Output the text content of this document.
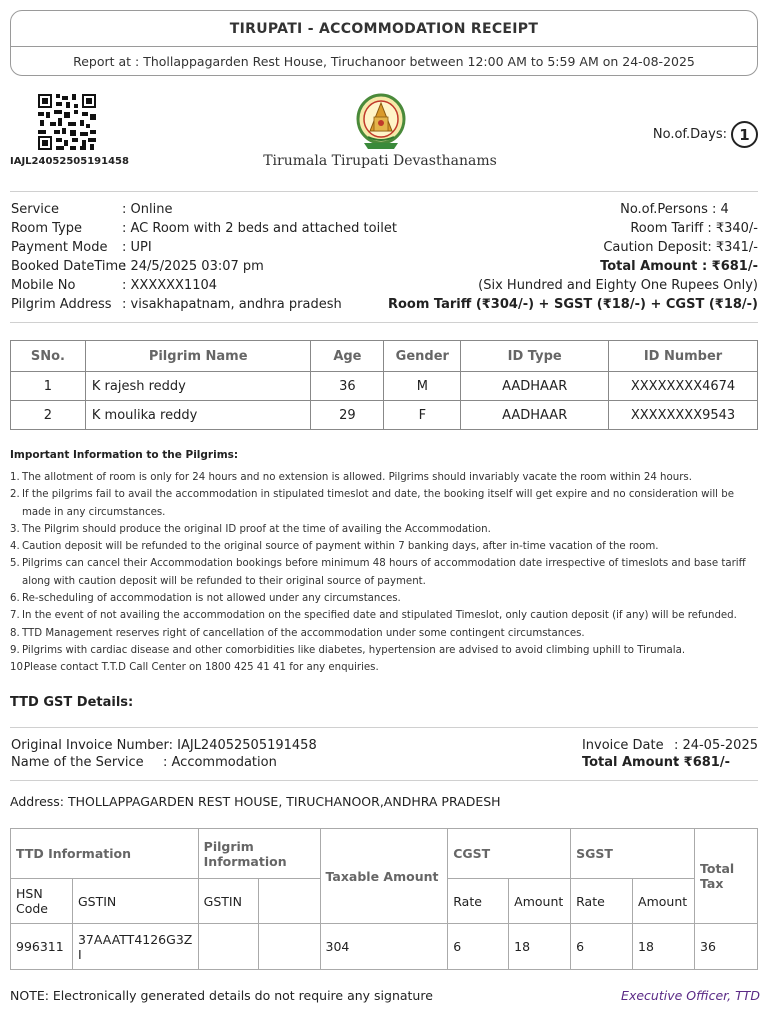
TIRUPATI - ACCOMMODATION RECEIPT
Report at : Thollappagarden Rest House, Tiruchanoor between 12:00 AM to 5:59 AM on 24-08-2025
IAJL24052505191458	Tirumala Tirupati Devasthanams
No.of.Days: 1
Service	: Online
Room Type	: AC Room with 2 beds and attached toilet
Payment Mode	: UPI
Booked DateTime
: 24/5/2025 03:07 pm
Mobile No	: XXXXXX1104
Pilgrim Address : visakhapatnam, andhra pradesh
No.of.Persons
: 4
Room Tariff
: ₹340/-
Caution Deposit : ₹341/-
Total Amount
: ₹681/-
(Six Hundred and Eighty One Rupees Only)
Room Tariff (₹304/-) + SGST (₹18/-) + CGST (₹18/-)
SNo.	Pilgrim Name	Age	Gender	ID Type	ID Number
1	K rajesh reddy	36	M	AADHAAR	XXXXXXXX4674
2	K moulika reddy	29	F	AADHAAR	XXXXXXXX9543
Important Information to the Pilgrims:
1. The allotment of room is only for 24 hours and no extension is allowed. Pilgrims should invariably vacate the room within 24 hours.
2. If the pilgrims fail to avail the accommodation in stipulated timeslot and date, the booking itself will get expire and no consideration will be made in any circumstances.
3. The Pilgrim should produce the original ID proof at the time of availing the Accommodation.
4. Caution deposit will be refunded to the original source of payment within 7 banking days, after in-time vacation of the room.
5. Pilgrims can cancel their Accommodation bookings before minimum 48 hours of accommodation date irrespective of timeslots and base tariff along with caution deposit will be refunded to their original source of payment.
6. Re-scheduling of accommodation is not allowed under any circumstances.
7. In the event of not availing the accommodation on the specified date and stipulated Timeslot, only caution deposit (if any) will be refunded.
8. TTD Management reserves right of cancellation of the accommodation under some contingent circumstances.
9. Pilgrims with cardiac disease and other comorbidities like diabetes, hypertension are advised to avoid climbing uphill to Tirumala.
10.
Please contact T.T.D Call Center on 1800 425 41 41 for any enquiries.
TTD GST Details:
Original Invoice Number: IAJL24052505191458
Name of the Service : Accommodation
Invoice Date : 24-05-2025
Total Amount
: ₹681/-
Address: THOLLAPPAGARDEN REST HOUSE, TIRUCHANOOR,ANDHRA PRADESH
TTD Information		Pilgrim Information		Taxable Amount	CGST		SGST		Total Tax
HSN Code	GSTIN	GSTIN			Rate	Amount	Rate	Amount	
996311	37AAATT4126G3ZI			304	6	18	6	18	36
NOTE: Electronically generated details do not require any signature	Executive Officer, TTD
